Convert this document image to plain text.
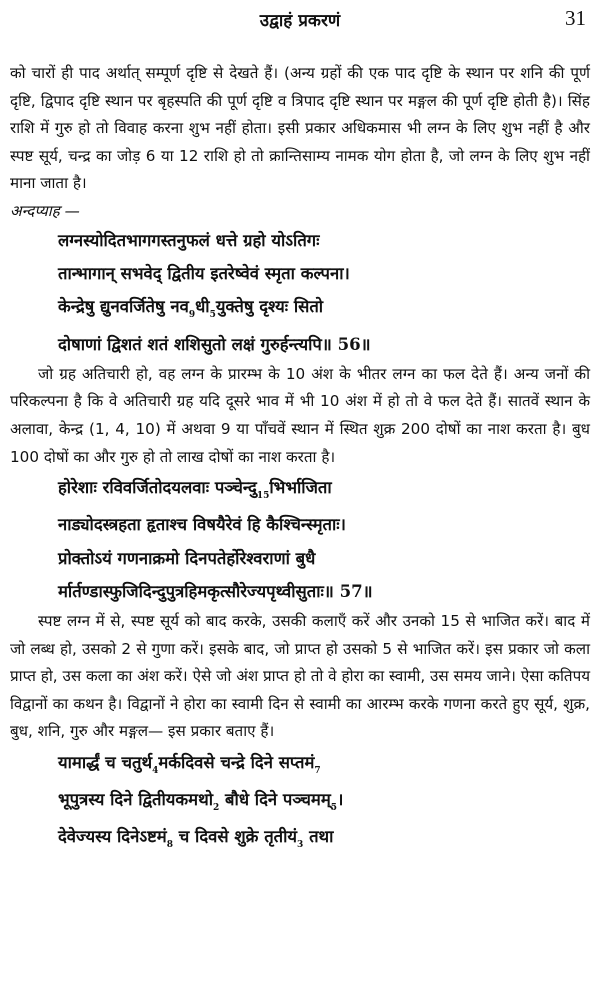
उद्वाहं प्रकरणं	31

को चारों ही पाद अर्थात् सम्पूर्ण दृष्टि से देखते हैं। (अन्य ग्रहों की एक पाद दृष्टि के स्थान पर शनि की पूर्ण दृष्टि, द्विपाद दृष्टि स्थान पर बृहस्पति की पूर्ण दृष्टि व त्रिपाद दृष्टि स्थान पर मङ्गल की पूर्ण दृष्टि होती है)। सिंह राशि में गुरु हो तो विवाह करना शुभ नहीं होता। इसी प्रकार अधिकमास भी लग्न के लिए शुभ नहीं है और स्पष्ट सूर्य, चन्द्र का जोड़ 6 या 12 राशि हो तो क्रान्तिसाम्य नामक योग होता है, जो लग्न के लिए शुभ नहीं माना जाता है।

अन्दप्याह —

लग्नस्योदितभागगस्तनुफलं धत्ते ग्रहो योऽतिगः

तान्भागान् सभवेद् द्वितीय इतरेष्वेवं स्मृता कल्पना।

केन्द्रेषु द्युनवर्जितेषु $नव_9धी_5युक्तेषु$ दृश्यः सितो

दोषाणां द्विशतं शतं शशिसुतो लक्षं गुरुर्हन्त्यपि॥ 56॥

जो ग्रह अतिचारी हो, वह लग्न के प्रारम्भ के 10 अंश के भीतर लग्न का फल देते हैं। अन्य जनों की परिकल्पना है कि वे अतिचारी ग्रह यदि दूसरे भाव में भी 10 अंश में हो तो वे फल देते हैं। सातवें स्थान के अलावा, केन्द्र (1, 4, 10) में अथवा 9 या पाँचवें स्थान में स्थित शुक्र 200 दोषों का नाश करता है। बुध 100 दोषों का और गुरु हो तो लाख दोषों का नाश करता है।

होरेशाः रविवर्जितोदयलवाः $पञ्चेन्दु_{15}भिर्भाजिता$

नाड्योदस्त्रहता हृताश्च विषयैरेवं हि कैश्चिन्स्मृताः।

प्रोक्तोऽयं गणनाक्रमो दिनपतेर्होरेश्वराणां बुधै

र्मार्तण्डास्फुजिदिन्दुपुत्रहिमकृत्सौरेज्यपृथ्वीसुताः॥ 57॥

स्पष्ट लग्न में से, स्पष्ट सूर्य को बाद करके, उसकी कलाएँ करें और उनको 15 से भाजित करें। बाद में जो लब्ध हो, उसको 2 से गुणा करें। इसके बाद, जो प्राप्त हो उसको 5 से भाजित करें। इस प्रकार जो कला प्राप्त हो, उस कला का अंश करें। ऐसे जो अंश प्राप्त हो तो वे होरा का स्वामी, उस समय जाने। ऐसा कतिपय विद्वानों का कथन है। विद्वानों ने होरा का स्वामी दिन से स्वामी का आरम्भ करके गणना करते हुए सूर्य, शुक्र, बुध, शनि, गुरु और मङ्गल— इस प्रकार बताए हैं।

यामार्द्धं च चतुर्थ$_4$मर्कदिवसे चन्द्रे दिने $सप्तमं_7$

भूपुत्रस्य दिने $द्वितीयकमथो_2$ बौधे दिने $पञ्चमम्_5।$

देवेज्यस्य $दिनेऽष्टमं_8$ च दिवसे शुक्रे $तृतीयं_3$ तथा
